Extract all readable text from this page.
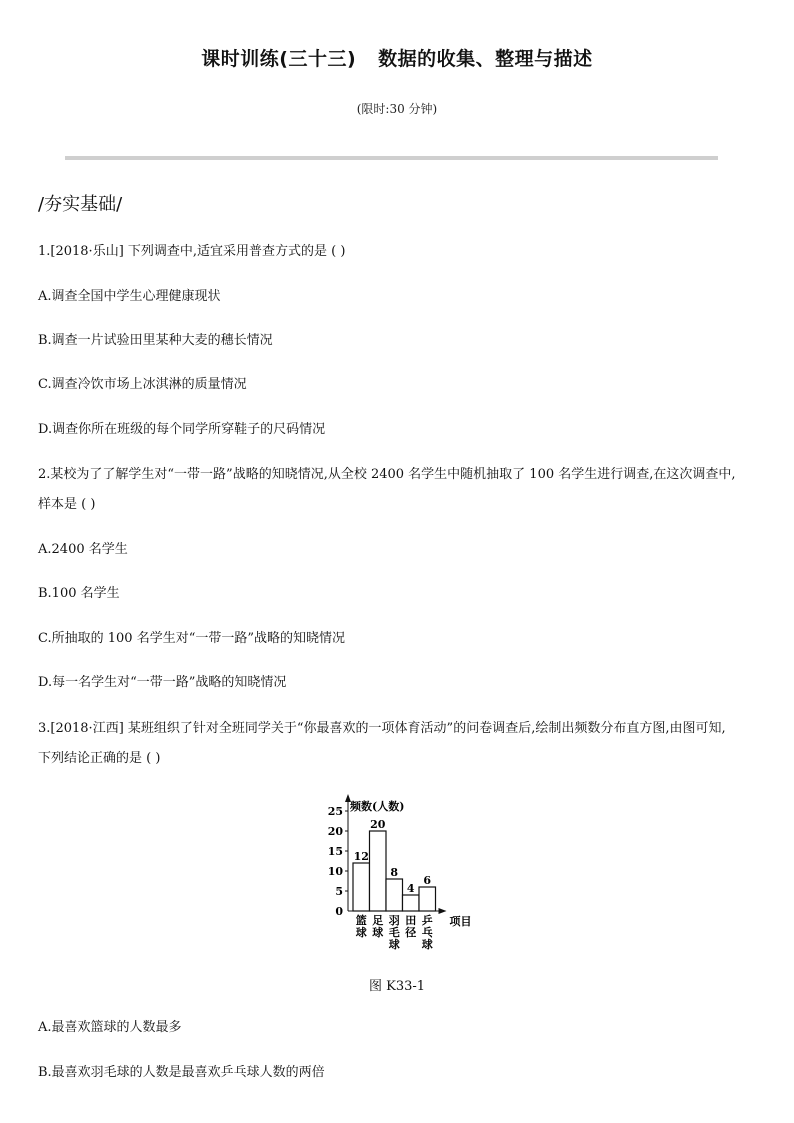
课时训练(三十三) 数据的收集、整理与描述
(限时:30 分钟)
/夯实基础/
1.[2018·乐山] 下列调查中,适宜采用普查方式的是 ( )
A.调查全国中学生心理健康现状
B.调查一片试验田里某种大麦的穗长情况
C.调查冷饮市场上冰淇淋的质量情况
D.调查你所在班级的每个同学所穿鞋子的尺码情况
2.某校为了了解学生对“一带一路”战略的知晓情况,从全校 2400 名学生中随机抽取了 100 名学生进行调查,在这次调查中,
样本是 ( )
A.2400 名学生
B.100 名学生
C.所抽取的 100 名学生对“一带一路”战略的知晓情况
D.每一名学生对“一带一路”战略的知晓情况
3.[2018·江西] 某班组织了针对全班同学关于“你最喜欢的一项体育活动”的问卷调查后,绘制出频数分布直方图,由图可知,
下列结论正确的是 ( )
频数(人数)
0
5
10
15
20
25
12
篮
球
20
足
球
8
羽
毛
球
4
田
径
6
乒
乓
球
项目
图 K33-1
A.最喜欢篮球的人数最多
B.最喜欢羽毛球的人数是最喜欢乒乓球人数的两倍
